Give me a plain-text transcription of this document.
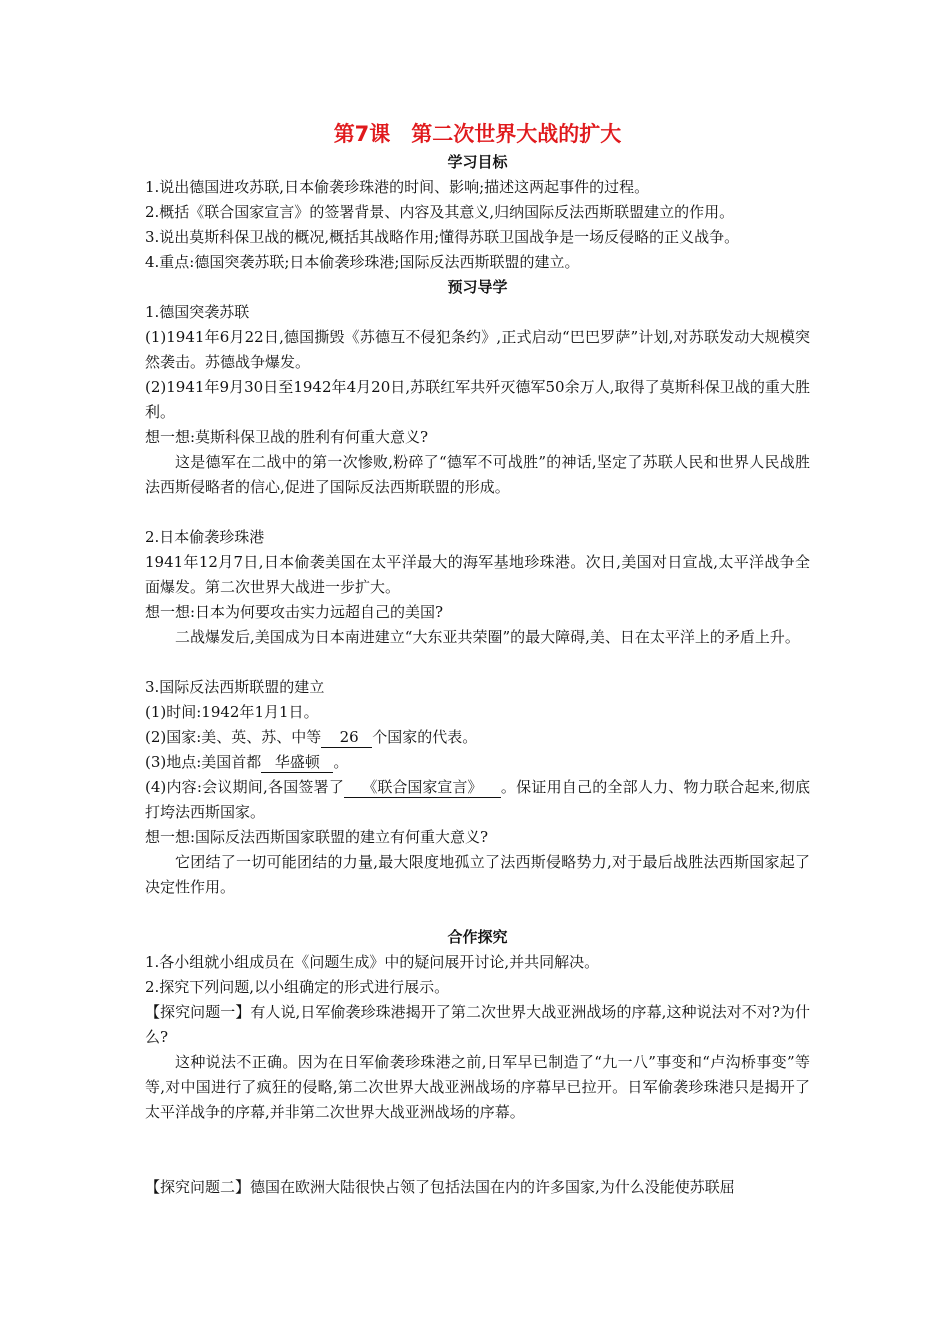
第7课　第二次世界大战的扩大
学习目标

1.说出德国进攻苏联,日本偷袭珍珠港的时间、影响;描述这两起事件的过程。

2.概括《联合国家宣言》的签署背景、内容及其意义,归纳国际反法西斯联盟建立的作用。

3.说出莫斯科保卫战的概况,概括其战略作用;懂得苏联卫国战争是一场反侵略的正义战争。

4.重点:德国突袭苏联;日本偷袭珍珠港;国际反法西斯联盟的建立。

预习导学

1.德国突袭苏联

(1)1941年6月22日,德国撕毁《苏德互不侵犯条约》,正式启动“巴巴罗萨”计划,对苏联发动大规模突然袭击。苏德战争爆发。

(2)1941年9月30日至1942年4月20日,苏联红军共歼灭德军50余万人,取得了莫斯科保卫战的重大胜利。

想一想:莫斯科保卫战的胜利有何重大意义?

这是德军在二战中的第一次惨败,粉碎了“德军不可战胜”的神话,坚定了苏联人民和世界人民战胜法西斯侵略者的信心,促进了国际反法西斯联盟的形成。

2.日本偷袭珍珠港

1941年12月7日,日本偷袭美国在太平洋最大的海军基地珍珠港。次日,美国对日宣战,太平洋战争全面爆发。第二次世界大战进一步扩大。

想一想:日本为何要攻击实力远超自己的美国?

二战爆发后,美国成为日本南进建立“大东亚共荣圈”的最大障碍,美、日在太平洋上的矛盾上升。

3.国际反法西斯联盟的建立

(1)时间:1942年1月1日。

(2)国家:美、英、苏、中等 26 个国家的代表。

(3)地点:美国首都 华盛顿 。

(4)内容:会议期间,各国签署了 《联合国家宣言》 。保证用自己的全部人力、物力联合起来,彻底打垮法西斯国家。

想一想:国际反法西斯国家联盟的建立有何重大意义?

它团结了一切可能团结的力量,最大限度地孤立了法西斯侵略势力,对于最后战胜法西斯国家起了决定性作用。

合作探究

1.各小组就小组成员在《问题生成》中的疑问展开讨论,并共同解决。

2.探究下列问题,以小组确定的形式进行展示。

【探究问题一】有人说,日军偷袭珍珠港揭开了第二次世界大战亚洲战场的序幕,这种说法对不对?为什么?

这种说法不正确。因为在日军偷袭珍珠港之前,日军早已制造了“九一八”事变和“卢沟桥事变”等等,对中国进行了疯狂的侵略,第二次世界大战亚洲战场的序幕早已拉开。日军偷袭珍珠港只是揭开了太平洋战争的序幕,并非第二次世界大战亚洲战场的序幕。

【探究问题二】德国在欧洲大陆很快占领了包括法国在内的许多国家,为什么没能使苏联屈
